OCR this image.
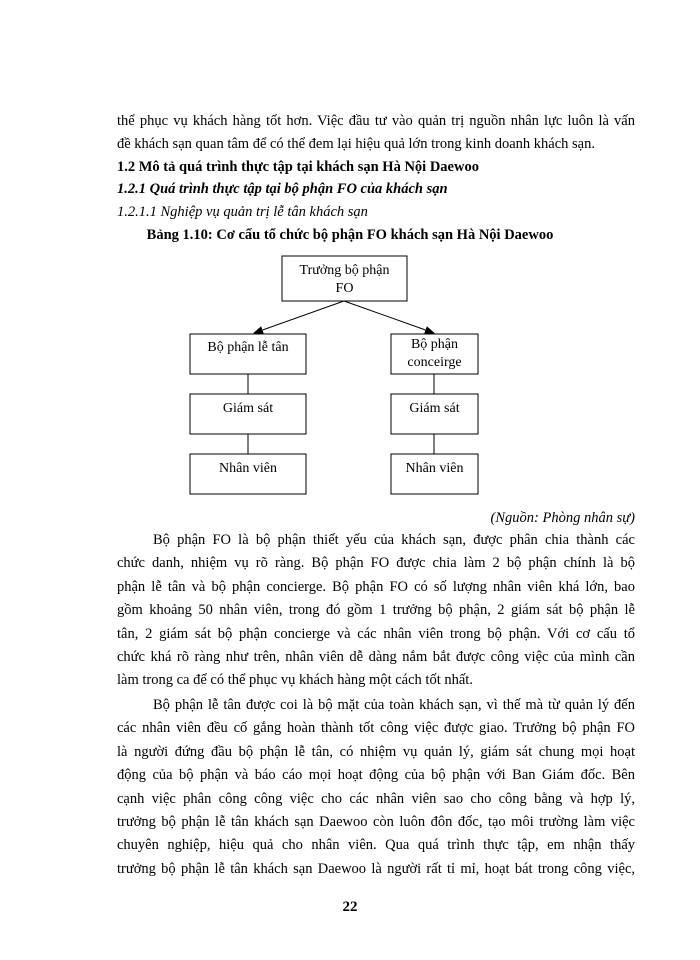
thể phục vụ khách hàng tốt hơn. Việc đầu tư vào quản trị nguồn nhân lực luôn là vấn
đề khách sạn quan tâm để có thể đem lại hiệu quả lớn trong kinh doanh khách sạn.
1.2 Mô tả quá trình thực tập tại khách sạn Hà Nội Daewoo
1.2.1 Quá trình thực tập tại bộ phận FO của khách sạn
1.2.1.1 Nghiệp vụ quản trị lễ tân khách sạn
Bảng 1.10: Cơ cấu tổ chức bộ phận FO khách sạn Hà Nội Daewoo
Trưởng bộ phận
FO
Bộ phận lễ tân	Bộ phận
conceirge
Giám sát	Giám sát
Nhân viên	Nhân viên
(Nguồn: Phòng nhân sự)
Bộ phận FO là bộ phận thiết yếu của khách sạn, được phân chia thành các
chức danh, nhiệm vụ rõ ràng. Bộ phận FO được chia làm 2 bộ phận chính là bộ
phận lễ tân và bộ phận concierge. Bộ phận FO có số lượng nhân viên khá lớn, bao
gồm khoảng 50 nhân viên, trong đó gồm 1 trưởng bộ phận, 2 giám sát bộ phận lễ
tân, 2 giám sát bộ phận concierge và các nhân viên trong bộ phận. Với cơ cấu tổ
chức khá rõ ràng như trên, nhân viên dễ dàng nắm bắt được công việc của mình cần
làm trong ca để có thể phục vụ khách hàng một cách tốt nhất.
Bộ phận lễ tân được coi là bộ mặt của toàn khách sạn, vì thế mà từ quản lý đến
các nhân viên đều cố gắng hoàn thành tốt công việc được giao. Trưởng bộ phận FO
là người đứng đầu bộ phận lễ tân, có nhiệm vụ quản lý, giám sát chung mọi hoạt
động của bộ phận và báo cáo mọi hoạt động của bộ phận với Ban Giám đốc. Bên
cạnh việc phân công công việc cho các nhân viên sao cho công bằng và hợp lý,
trưởng bộ phận lễ tân khách sạn Daewoo còn luôn đôn đốc, tạo môi trường làm việc
chuyên nghiệp, hiệu quả cho nhân viên. Qua quá trình thực tập, em nhận thấy
trưởng bộ phận lễ tân khách sạn Daewoo là người rất tỉ mỉ, hoạt bát trong công việc,
22
